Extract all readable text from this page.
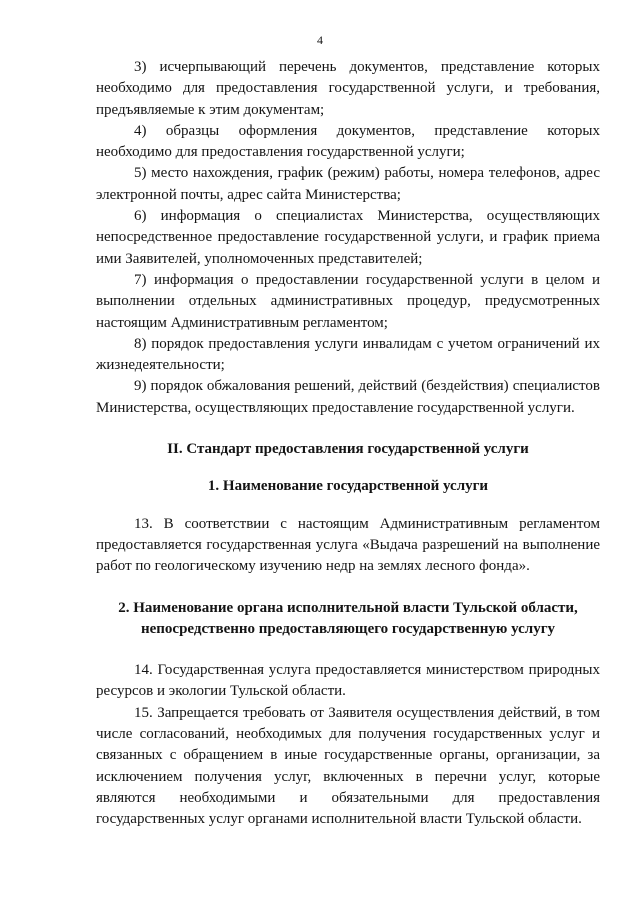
4

3) исчерпывающий перечень документов, представление которых необходимо для предоставления государственной услуги, и требования, предъявляемые к этим документам;

4) образцы оформления документов, представление которых необходимо для предоставления государственной услуги;

5) место нахождения, график (режим) работы, номера телефонов, адрес электронной почты, адрес сайта Министерства;

6) информация о специалистах Министерства, осуществляющих непосредственное предоставление государственной услуги, и график приема ими Заявителей, уполномоченных представителей;

7) информация о предоставлении государственной услуги в целом и выполнении отдельных административных процедур, предусмотренных настоящим Административным регламентом;

8) порядок предоставления услуги инвалидам с учетом ограничений их жизнедеятельности;

9) порядок обжалования решений, действий (бездействия) специалистов Министерства, осуществляющих предоставление государственной услуги.

II. Стандарт предоставления государственной услуги

1. Наименование государственной услуги

13. В соответствии с настоящим Административным регламентом предоставляется государственная услуга «Выдача разрешений на выполнение работ по геологическому изучению недр на землях лесного фонда».

2. Наименование органа исполнительной власти Тульской области,
непосредственно предоставляющего государственную услугу

14. Государственная услуга предоставляется министерством природных ресурсов и экологии Тульской области.

15. Запрещается требовать от Заявителя осуществления действий, в том числе согласований, необходимых для получения государственных услуг и связанных с обращением в иные государственные органы, организации, за исключением получения услуг, включенных в перечни услуг, которые являются необходимыми и обязательными для предоставления государственных услуг органами исполнительной власти Тульской области.
